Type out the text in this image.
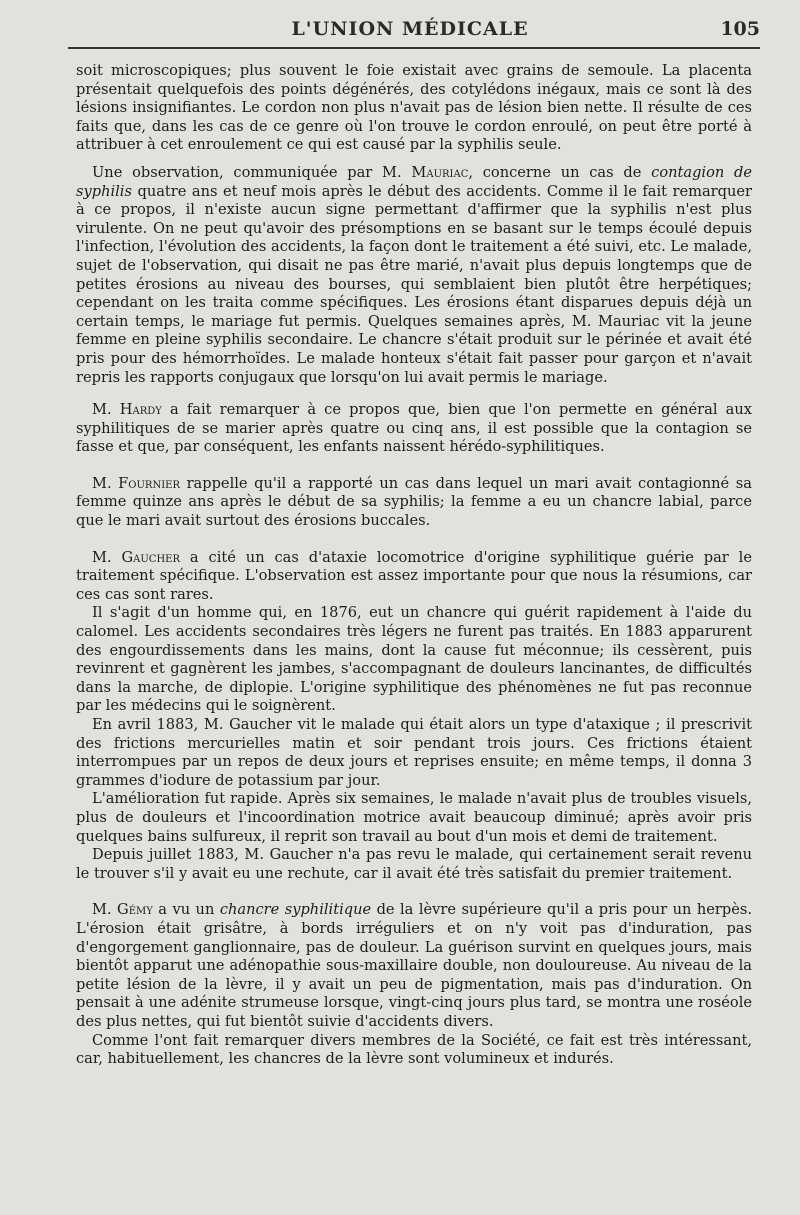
L'UNION MÉDICALE	105

soit microscopiques; plus souvent le foie existait avec grains de semoule. La placenta présentait quelquefois des points dégénérés, des cotylédons inégaux, mais ce sont là des lésions insignifiantes. Le cordon non plus n'avait pas de lésion bien nette. Il résulte de ces faits que, dans les cas de ce genre où l'on trouve le cordon enroulé, on peut être porté à attribuer à cet enroulement ce qui est causé par la syphilis seule.

Une observation, communiquée par M. Mauriac, concerne un cas de contagion de syphilis quatre ans et neuf mois après le début des accidents. Comme il le fait remarquer à ce propos, il n'existe aucun signe permettant d'affirmer que la syphilis n'est plus virulente. On ne peut qu'avoir des présomptions en se basant sur le temps écoulé depuis l'infection, l'évolution des accidents, la façon dont le traitement a été suivi, etc. Le malade, sujet de l'observation, qui disait ne pas être marié, n'avait plus depuis longtemps que de petites érosions au niveau des bourses, qui semblaient bien plutôt être herpétiques; cependant on les traita comme spécifiques. Les érosions étant disparues depuis déjà un certain temps, le mariage fut permis. Quelques semaines après, M. Mauriac vit la jeune femme en pleine syphilis secondaire. Le chancre s'était produit sur le périnée et avait été pris pour des hémorrhoïdes. Le malade honteux s'était fait passer pour garçon et n'avait repris les rapports conjugaux que lorsqu'on lui avait permis le mariage.

M. Hardy a fait remarquer à ce propos que, bien que l'on permette en général aux syphilitiques de se marier après quatre ou cinq ans, il est possible que la contagion se fasse et que, par conséquent, les enfants naissent hérédo-syphilitiques.

M. Fournier rappelle qu'il a rapporté un cas dans lequel un mari avait contagionné sa femme quinze ans après le début de sa syphilis; la femme a eu un chancre labial, parce que le mari avait surtout des érosions buccales.

M. Gaucher a cité un cas d'ataxie locomotrice d'origine syphilitique guérie par le traitement spécifique. L'observation est assez importante pour que nous la résumions, car ces cas sont rares.

Il s'agit d'un homme qui, en 1876, eut un chancre qui guérit rapidement à l'aide du calomel. Les accidents secondaires très légers ne furent pas traités. En 1883 apparurent des engourdissements dans les mains, dont la cause fut méconnue; ils cessèrent, puis revinrent et gagnèrent les jambes, s'accompagnant de douleurs lancinantes, de difficultés dans la marche, de diplopie. L'origine syphilitique des phénomènes ne fut pas reconnue par les médecins qui le soignèrent.

En avril 1883, M. Gaucher vit le malade qui était alors un type d'ataxique ; il prescrivit des frictions mercurielles matin et soir pendant trois jours. Ces frictions étaient interrompues par un repos de deux jours et reprises ensuite; en même temps, il donna 3 grammes d'iodure de potassium par jour.

L'amélioration fut rapide. Après six semaines, le malade n'avait plus de troubles visuels, plus de douleurs et l'incoordination motrice avait beaucoup diminué; après avoir pris quelques bains sulfureux, il reprit son travail au bout d'un mois et demi de traitement.

Depuis juillet 1883, M. Gaucher n'a pas revu le malade, qui certainement serait revenu le trouver s'il y avait eu une rechute, car il avait été très satisfait du premier traitement.

M. Gémy a vu un chancre syphilitique de la lèvre supérieure qu'il a pris pour un herpès. L'érosion était grisâtre, à bords irréguliers et on n'y voit pas d'induration, pas d'engorgement ganglionnaire, pas de douleur. La guérison survint en quelques jours, mais bientôt apparut une adénopathie sous-maxillaire double, non douloureuse. Au niveau de la petite lésion de la lèvre, il y avait un peu de pigmentation, mais pas d'induration. On pensait à une adénite strumeuse lorsque, vingt-cinq jours plus tard, se montra une roséole des plus nettes, qui fut bientôt suivie d'accidents divers.

Comme l'ont fait remarquer divers membres de la Société, ce fait est très intéressant, car, habituellement, les chancres de la lèvre sont volumineux et indurés.
